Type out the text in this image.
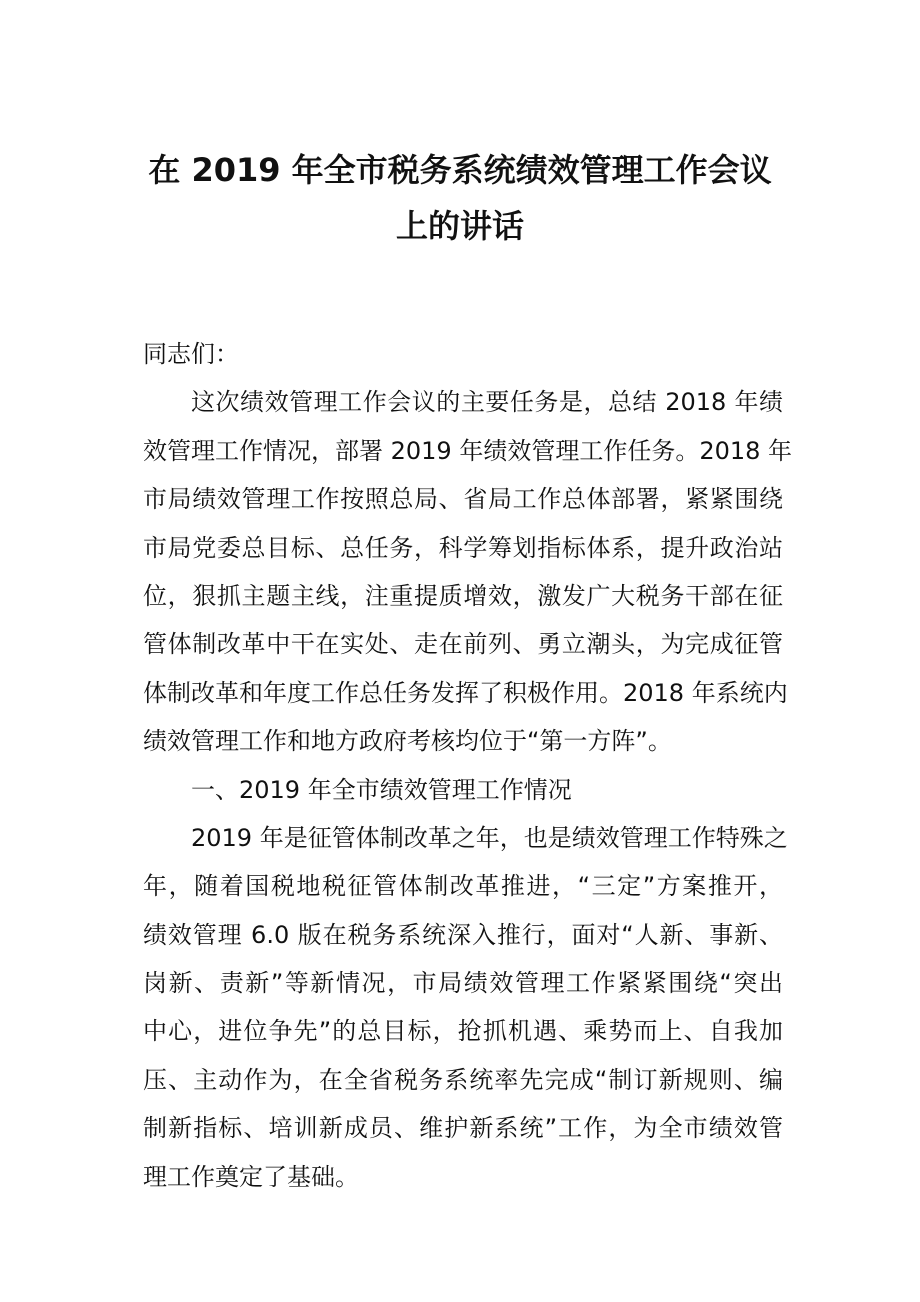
在 2019 年全市税务系统绩效管理工作会议
上的讲话
同志们：
这次绩效管理工作会议的主要任务是，总结 2018 年绩
效管理工作情况，部署 2019 年绩效管理工作任务。2018 年
市局绩效管理工作按照总局、省局工作总体部署，紧紧围绕
市局党委总目标、总任务，科学筹划指标体系，提升政治站
位，狠抓主题主线，注重提质增效，激发广大税务干部在征
管体制改革中干在实处、走在前列、勇立潮头，为完成征管
体制改革和年度工作总任务发挥了积极作用。2018 年系统内
绩效管理工作和地方政府考核均位于“第一方阵”。
一、2019 年全市绩效管理工作情况
2019 年是征管体制改革之年，也是绩效管理工作特殊之
年，随着国税地税征管体制改革推进，“三定”方案推开，
绩效管理 6.0 版在税务系统深入推行，面对“人新、事新、
岗新、责新”等新情况，市局绩效管理工作紧紧围绕“突出
中心，进位争先”的总目标，抢抓机遇、乘势而上、自我加
压、主动作为，在全省税务系统率先完成“制订新规则、编
制新指标、培训新成员、维护新系统”工作，为全市绩效管
理工作奠定了基础。
